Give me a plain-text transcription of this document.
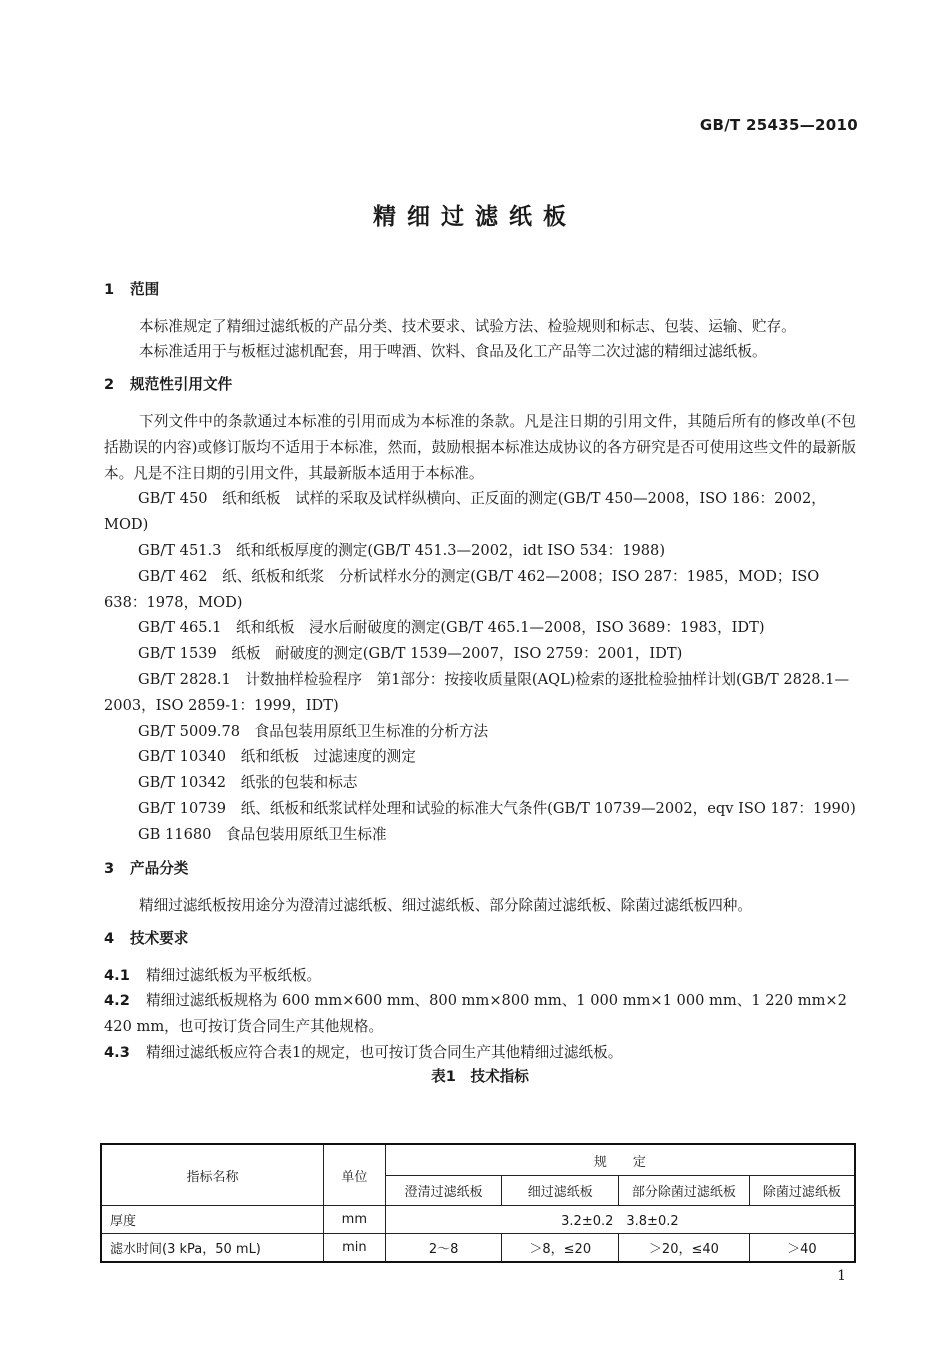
GB/T 25435—2010
精细过滤纸板

1 范围

本标准规定了精细过滤纸板的产品分类、技术要求、试验方法、检验规则和标志、包装、运输、贮存。

本标准适用于与板框过滤机配套，用于啤酒、饮料、食品及化工产品等二次过滤的精细过滤纸板。

2 规范性引用文件

下列文件中的条款通过本标准的引用而成为本标准的条款。凡是注日期的引用文件，其随后所有的修改单(不包括勘误的内容)或修订版均不适用于本标准，然而，鼓励根据本标准达成协议的各方研究是否可使用这些文件的最新版本。凡是不注日期的引用文件，其最新版本适用于本标准。

GB/T 450　纸和纸板　试样的采取及试样纵横向、正反面的测定(GB/T 450—2008，ISO 186：2002，MOD)

GB/T 451.3　纸和纸板厚度的测定(GB/T 451.3—2002，idt ISO 534：1988)

GB/T 462　纸、纸板和纸浆　分析试样水分的测定(GB/T 462—2008；ISO 287：1985，MOD；ISO 638：1978，MOD)

GB/T 465.1　纸和纸板　浸水后耐破度的测定(GB/T 465.1—2008，ISO 3689：1983，IDT)

GB/T 1539　纸板　耐破度的测定(GB/T 1539—2007，ISO 2759：2001，IDT)

GB/T 2828.1　计数抽样检验程序　第1部分：按接收质量限(AQL)检索的逐批检验抽样计划(GB/T 2828.1—2003，ISO 2859-1：1999，IDT)

GB/T 5009.78　食品包装用原纸卫生标准的分析方法

GB/T 10340　纸和纸板　过滤速度的测定

GB/T 10342　纸张的包装和标志

GB/T 10739　纸、纸板和纸浆试样处理和试验的标准大气条件(GB/T 10739—2002，eqv ISO 187：1990)

GB 11680　食品包装用原纸卫生标准

3 产品分类

精细过滤纸板按用途分为澄清过滤纸板、细过滤纸板、部分除菌过滤纸板、除菌过滤纸板四种。

4 技术要求

4.1 精细过滤纸板为平板纸板。

4.2 精细过滤纸板规格为 600 mm×600 mm、800 mm×800 mm、1 000 mm×1 000 mm、1 220 mm×2 420 mm，也可按订货合同生产其他规格。

4.3 精细过滤纸板应符合表1的规定，也可按订货合同生产其他精细过滤纸板。

表1　技术指标

指标名称	单位	规　　定			
		澄清过滤纸板	细过滤纸板	部分除菌过滤纸板	除菌过滤纸板
厚度	mm	3.2±0.2　3.8±0.2			
滤水时间(3 kPa，50 mL)	min	2～8	＞8，≤20	＞20，≤40	＞40
1
